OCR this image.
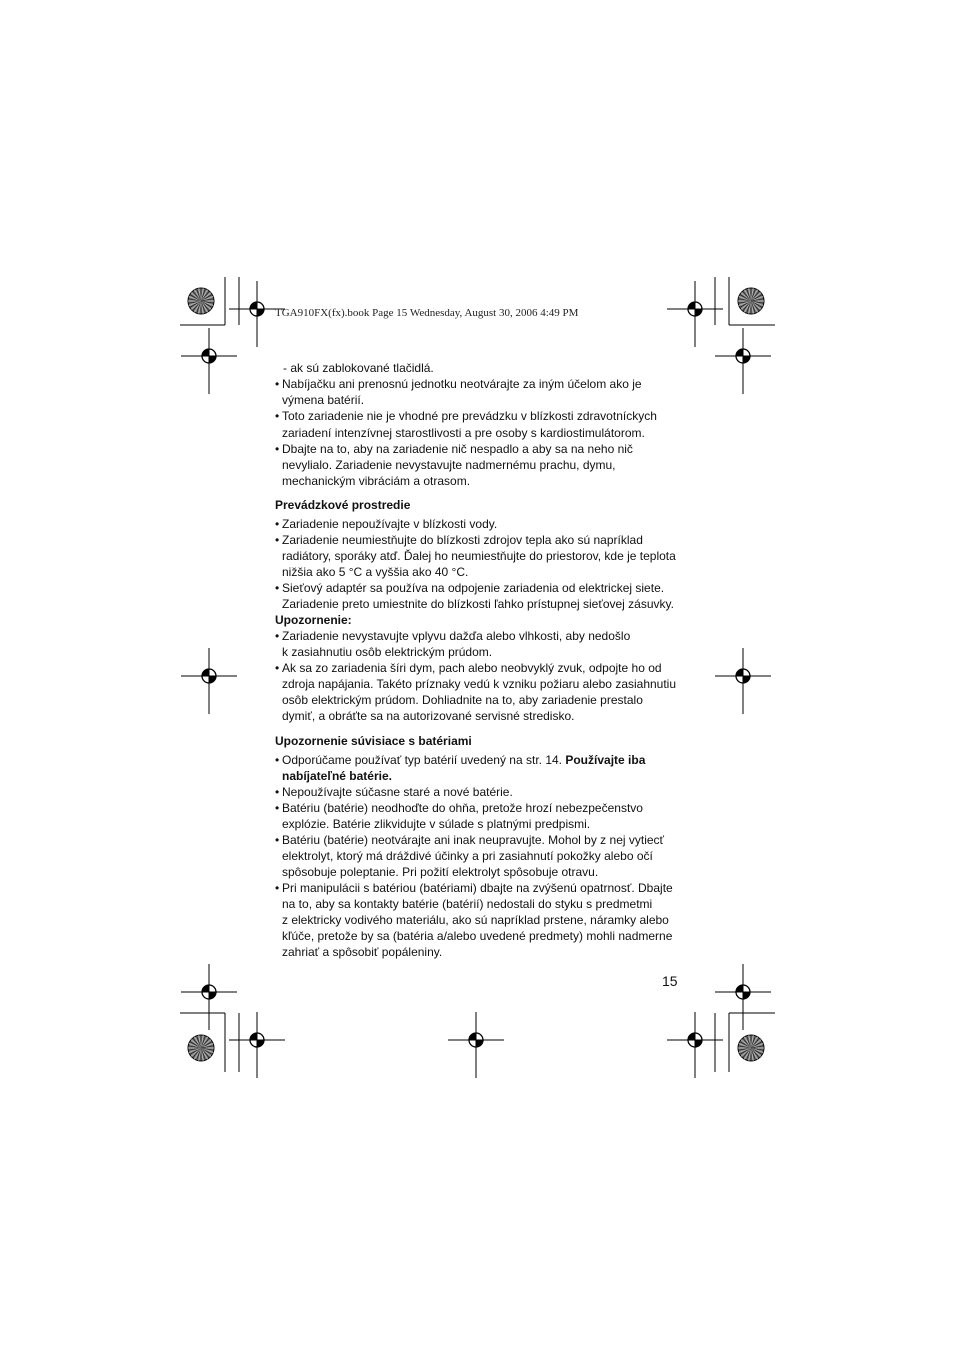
TGA910FX(fx).book Page 15 Wednesday, August 30, 2006 4:49 PM
- ak sú zablokované tlačidlá.
• Nabíjačku ani prenosnú jednotku neotvárajte za iným účelom ako je
výmena batérií.
• Toto zariadenie nie je vhodné pre prevádzku v blízkosti zdravotníckych
zariadení intenzívnej starostlivosti a pre osoby s kardiostimulátorom.
• Dbajte na to, aby na zariadenie nič nespadlo a aby sa na neho nič
nevylialo. Zariadenie nevystavujte nadmernému prachu, dymu,
mechanickým vibráciám a otrasom.
Prevádzkové prostredie
• Zariadenie nepoužívajte v blízkosti vody.
• Zariadenie neumiestňujte do blízkosti zdrojov tepla ako sú napríklad
radiátory, sporáky atď. Ďalej ho neumiestňujte do priestorov, kde je teplota
nižšia ako 5 °C a vyššia ako 40 °C.
• Sieťový adaptér sa používa na odpojenie zariadenia od elektrickej siete.
Zariadenie preto umiestnite do blízkosti ľahko prístupnej sieťovej zásuvky.
Upozornenie:
• Zariadenie nevystavujte vplyvu dažďa alebo vlhkosti, aby nedošlo
k zasiahnutiu osôb elektrickým prúdom.
• Ak sa zo zariadenia šíri dym, pach alebo neobvyklý zvuk, odpojte ho od
zdroja napájania. Takéto príznaky vedú k vzniku požiaru alebo zasiahnutiu
osôb elektrickým prúdom. Dohliadnite na to, aby zariadenie prestalo
dymiť, a obráťte sa na autorizované servisné stredisko.
Upozornenie súvisiace s batériami
• Odporúčame používať typ batérií uvedený na str. 14. Používajte iba
nabíjateľné batérie.
• Nepoužívajte súčasne staré a nové batérie.
• Batériu (batérie) neodhoďte do ohňa, pretože hrozí nebezpečenstvo
explózie. Batérie zlikvidujte v súlade s platnými predpismi.
• Batériu (batérie) neotvárajte ani inak neupravujte. Mohol by z nej vytiecť
elektrolyt, ktorý má dráždivé účinky a pri zasiahnutí pokožky alebo očí
spôsobuje poleptanie. Pri požití elektrolyt spôsobuje otravu.
• Pri manipulácii s batériou (batériami) dbajte na zvýšenú opatrnosť. Dbajte
na to, aby sa kontakty batérie (batérií) nedostali do styku s predmetmi
z elektricky vodivého materiálu, ako sú napríklad prstene, náramky alebo
kľúče, pretože by sa (batéria a/alebo uvedené predmety) mohli nadmerne
zahriať a spôsobiť popáleniny.
15
